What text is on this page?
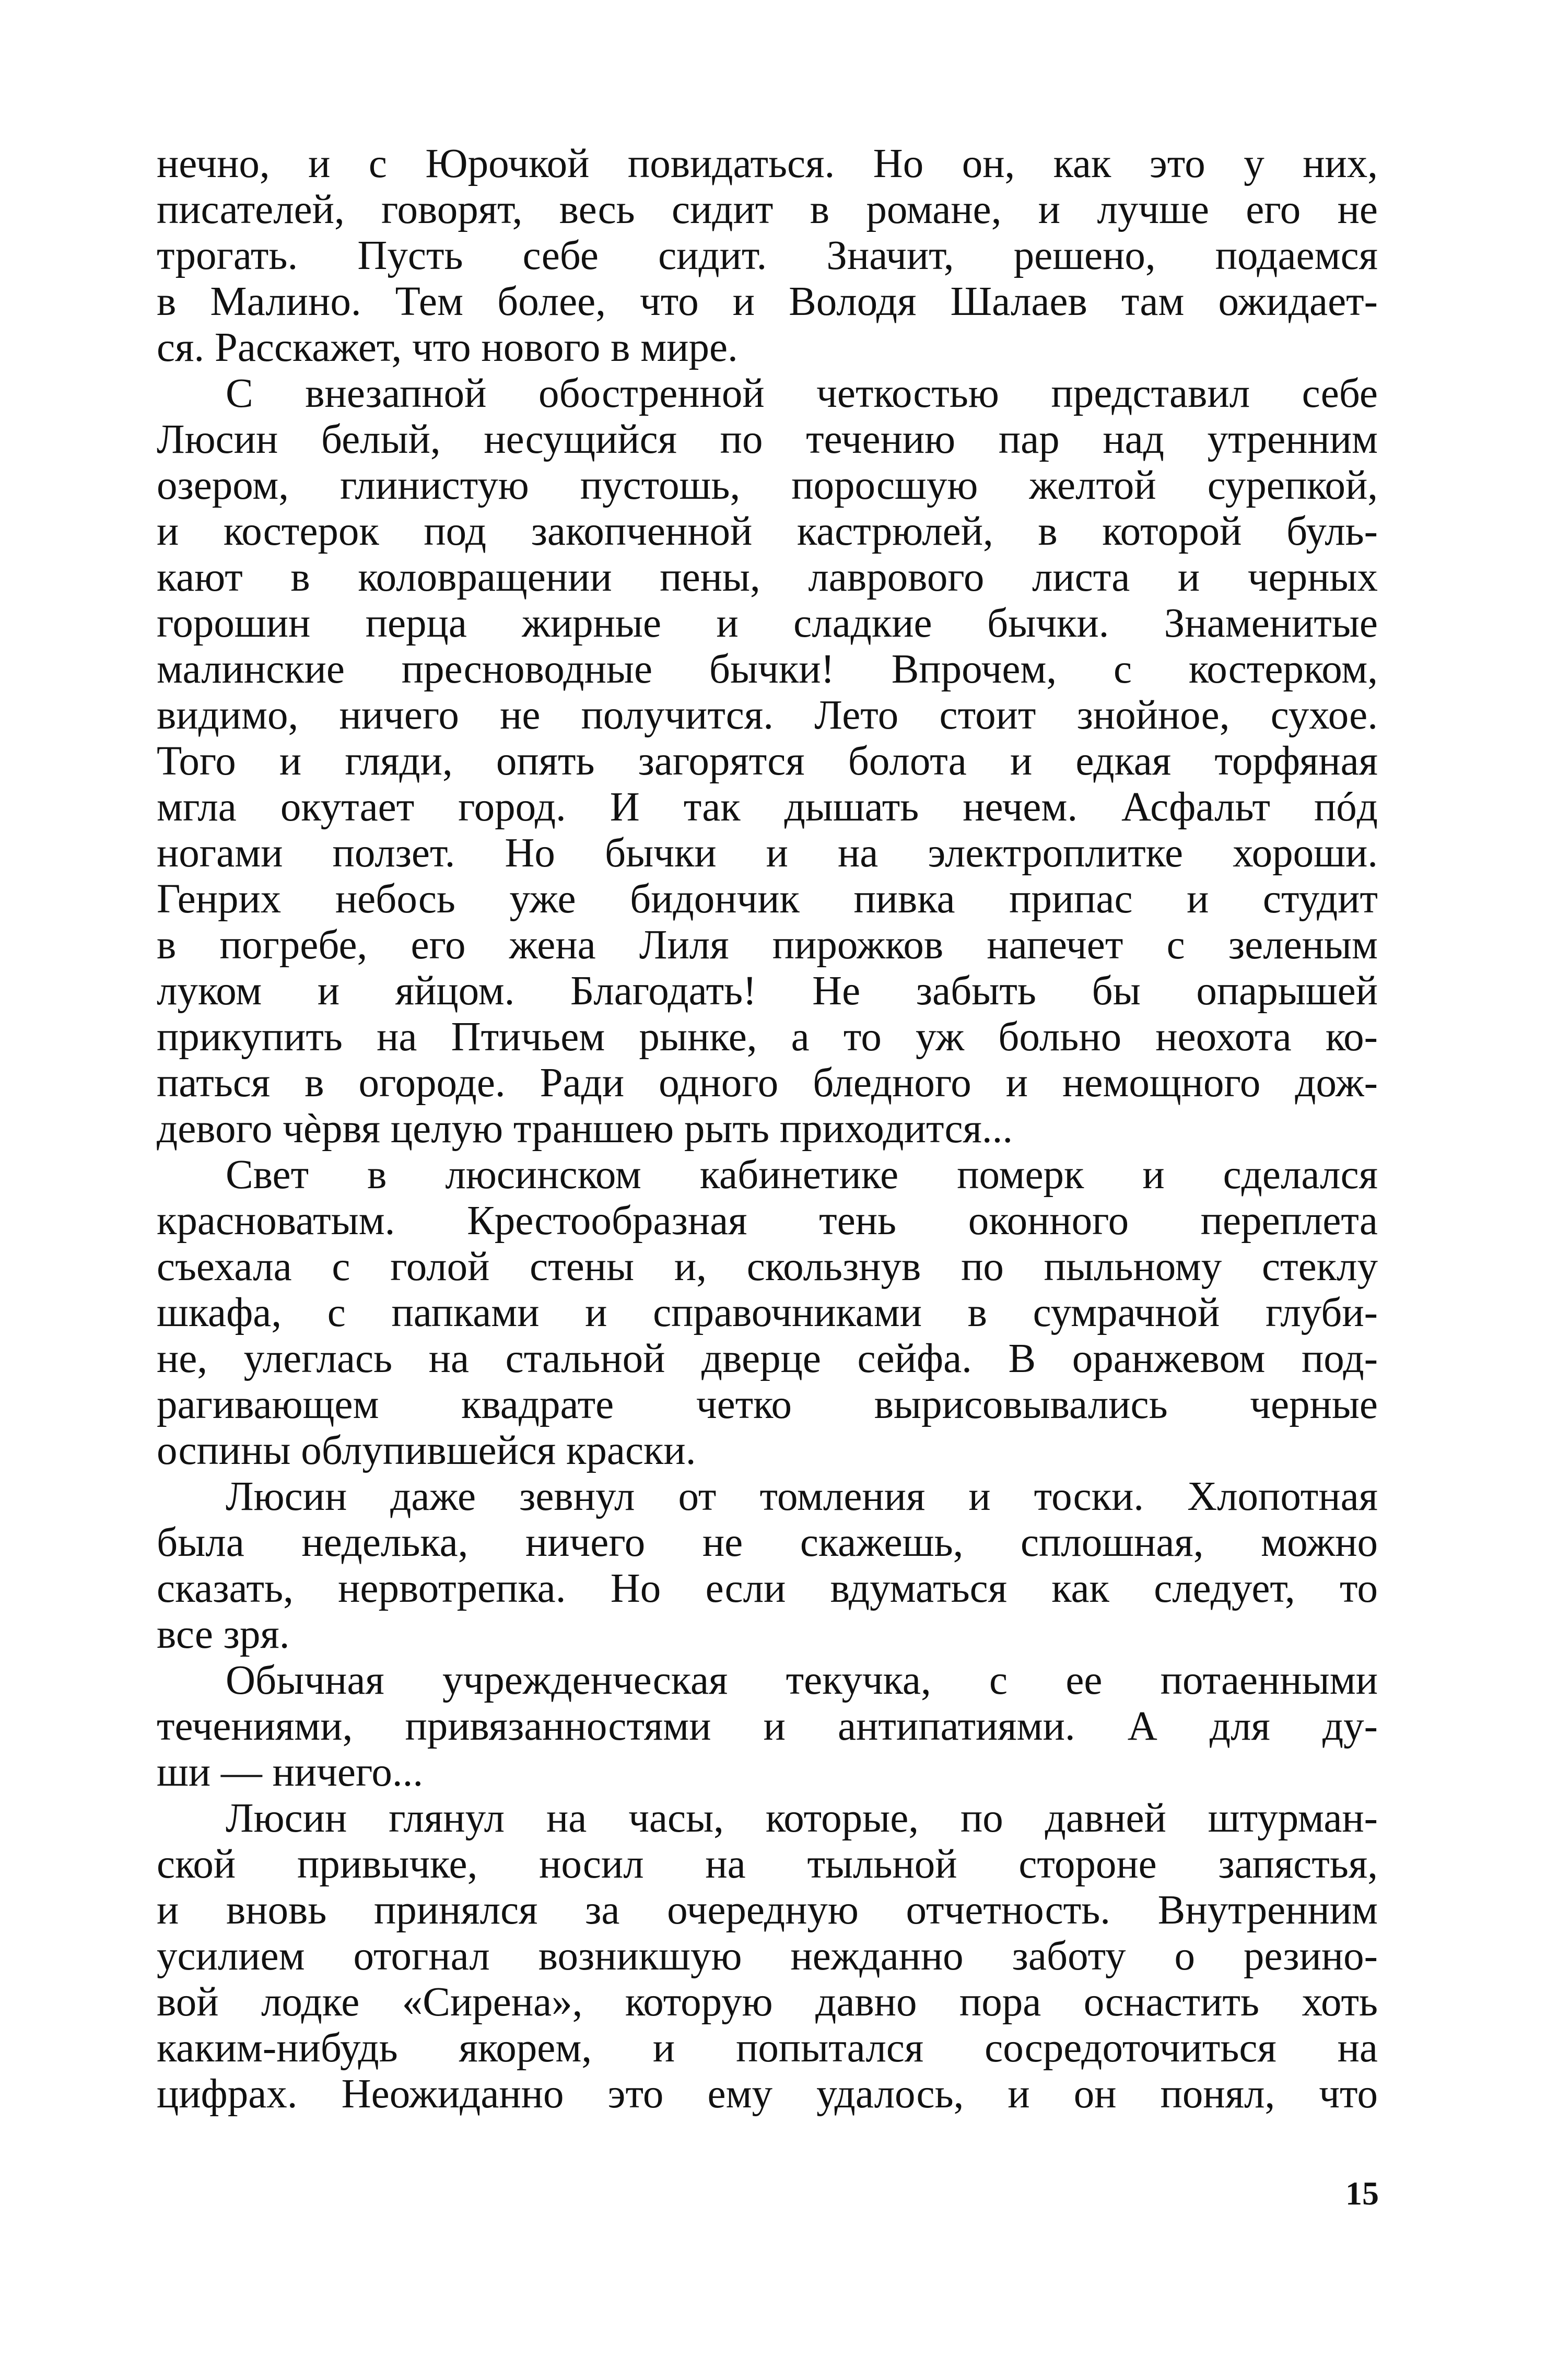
нечно, и с Юрочкой повидаться. Но он, как это у них,
писателей, говорят, весь сидит в романе, и лучше его не
трогать. Пусть себе сидит. Значит, решено, подаемся
в Малино. Тем более, что и Володя Шалаев там ожидает-
ся. Расскажет, что нового в мире.
С внезапной обостренной четкостью представил себе
Люсин белый, несущийся по течению пар над утренним
озером, глинистую пустошь, поросшую желтой сурепкой,
и костерок под закопченной кастрюлей, в которой буль-
кают в коловращении пены, лаврового листа и черных
горошин перца жирные и сладкие бычки. Знаменитые
малинские пресноводные бычки! Впрочем, с костерком,
видимо, ничего не получится. Лето стоит знойное, сухое.
Того и гляди, опять загорятся болота и едкая торфяная
мгла окутает город. И так дышать нечем. Асфальт пóд
ногами ползет. Но бычки и на электроплитке хороши.
Генрих небось уже бидончик пивка припас и студит
в погребе, его жена Лиля пирожков напечет с зеленым
луком и яйцом. Благодать! Не забыть бы опарышей
прикупить на Птичьем рынке, а то уж больно неохота ко-
паться в огороде. Ради одного бледного и немощного дож-
девого чѐрвя целую траншею рыть приходится...
Свет в люсинском кабинетике померк и сделался
красноватым. Крестообразная тень оконного переплета
съехала с голой стены и, скользнув по пыльному стеклу
шкафа, с папками и справочниками в сумрачной глуби-
не, улеглась на стальной дверце сейфа. В оранжевом под-
рагивающем квадрате четко вырисовывались черные
оспины облупившейся краски.
Люсин даже зевнул от томления и тоски. Хлопотная
была неделька, ничего не скажешь, сплошная, можно
сказать, нервотрепка. Но если вдуматься как следует, то
все зря.
Обычная учрежденческая текучка, с ее потаенными
течениями, привязанностями и антипатиями. А для ду-
ши — ничего...
Люсин глянул на часы, которые, по давней штурман-
ской привычке, носил на тыльной стороне запястья,
и вновь принялся за очередную отчетность. Внутренним
усилием отогнал возникшую нежданно заботу о резино-
вой лодке «Сирена», которую давно пора оснастить хоть
каким-нибудь якорем, и попытался сосредоточиться на
цифрах. Неожиданно это ему удалось, и он понял, что
15
